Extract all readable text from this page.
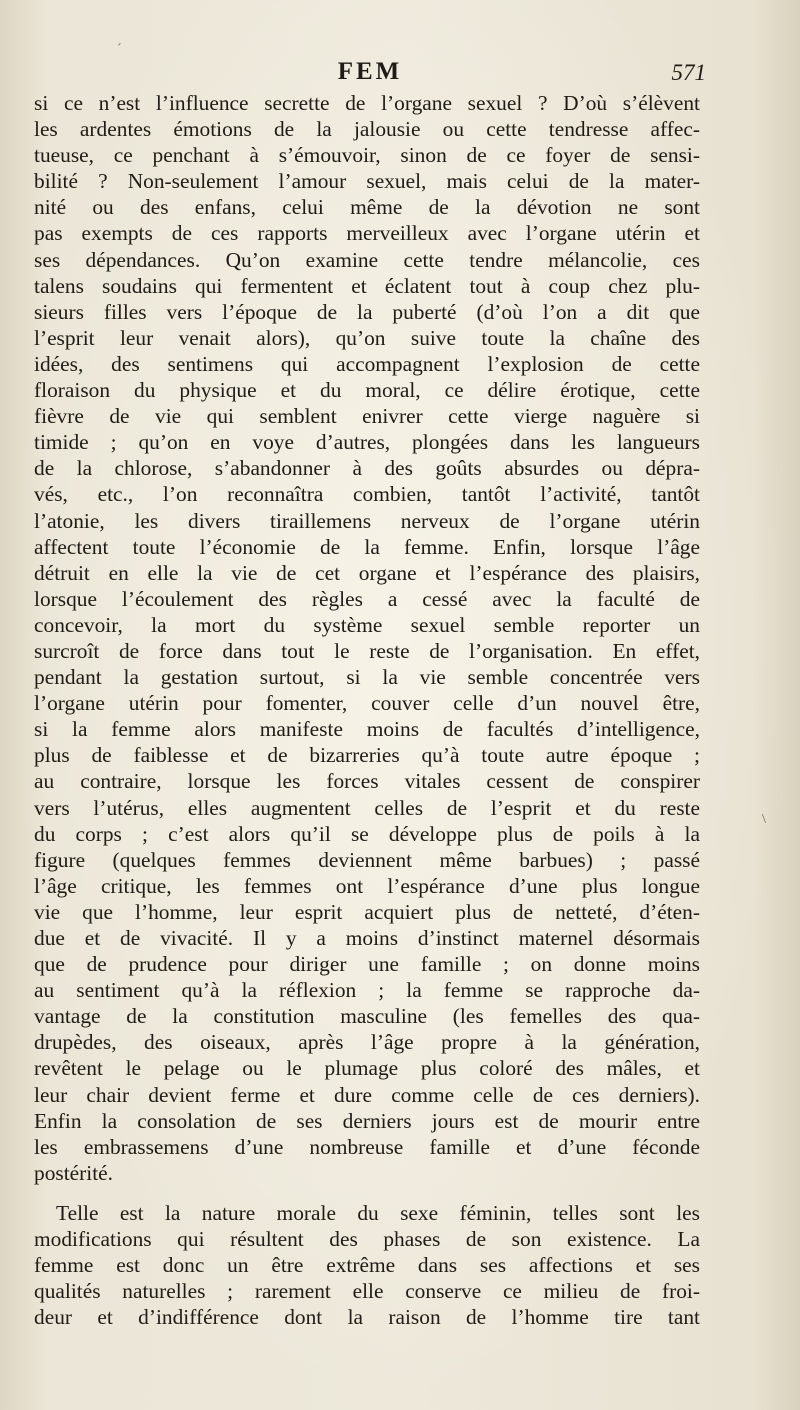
FEM	571
´
\
si ce n’est l’influence secrette de l’organe sexuel ? D’où s’élèvent
les ardentes émotions de la jalousie ou cette tendresse affec-
tueuse, ce penchant à s’émouvoir, sinon de ce foyer de sensi-
bilité ? Non-seulement l’amour sexuel, mais celui de la mater-
nité ou des enfans, celui même de la dévotion ne sont
pas exempts de ces rapports merveilleux avec l’organe utérin et
ses dépendances. Qu’on examine cette tendre mélancolie, ces
talens soudains qui fermentent et éclatent tout à coup chez plu-
sieurs filles vers l’époque de la puberté (d’où l’on a dit que
l’esprit leur venait alors), qu’on suive toute la chaîne des
idées, des sentimens qui accompagnent l’explosion de cette
floraison du physique et du moral, ce délire érotique, cette
fièvre de vie qui semblent enivrer cette vierge naguère si
timide ; qu’on en voye d’autres, plongées dans les langueurs
de la chlorose, s’abandonner à des goûts absurdes ou dépra-
vés, etc., l’on reconnaîtra combien, tantôt l’activité, tantôt
l’atonie, les divers tiraillemens nerveux de l’organe utérin
affectent toute l’économie de la femme. Enfin, lorsque l’âge
détruit en elle la vie de cet organe et l’espérance des plaisirs,
lorsque l’écoulement des règles a cessé avec la faculté de
concevoir, la mort du système sexuel semble reporter un
surcroît de force dans tout le reste de l’organisation. En effet,
pendant la gestation surtout, si la vie semble concentrée vers
l’organe utérin pour fomenter, couver celle d’un nouvel être,
si la femme alors manifeste moins de facultés d’intelligence,
plus de faiblesse et de bizarreries qu’à toute autre époque ;
au contraire, lorsque les forces vitales cessent de conspirer
vers l’utérus, elles augmentent celles de l’esprit et du reste
du corps ; c’est alors qu’il se développe plus de poils à la
figure (quelques femmes deviennent même barbues) ; passé
l’âge critique, les femmes ont l’espérance d’une plus longue
vie que l’homme, leur esprit acquiert plus de netteté, d’éten-
due et de vivacité. Il y a moins d’instinct maternel désormais
que de prudence pour diriger une famille ; on donne moins
au sentiment qu’à la réflexion ; la femme se rapproche da-
vantage de la constitution masculine (les femelles des qua-
drupèdes, des oiseaux, après l’âge propre à la génération,
revêtent le pelage ou le plumage plus coloré des mâles, et
leur chair devient ferme et dure comme celle de ces derniers).
Enfin la consolation de ses derniers jours est de mourir entre
les embrassemens d’une nombreuse famille et d’une féconde
postérité.
Telle est la nature morale du sexe féminin, telles sont les
modifications qui résultent des phases de son existence. La
femme est donc un être extrême dans ses affections et ses
qualités naturelles ; rarement elle conserve ce milieu de froi-
deur et d’indifférence dont la raison de l’homme tire tant
